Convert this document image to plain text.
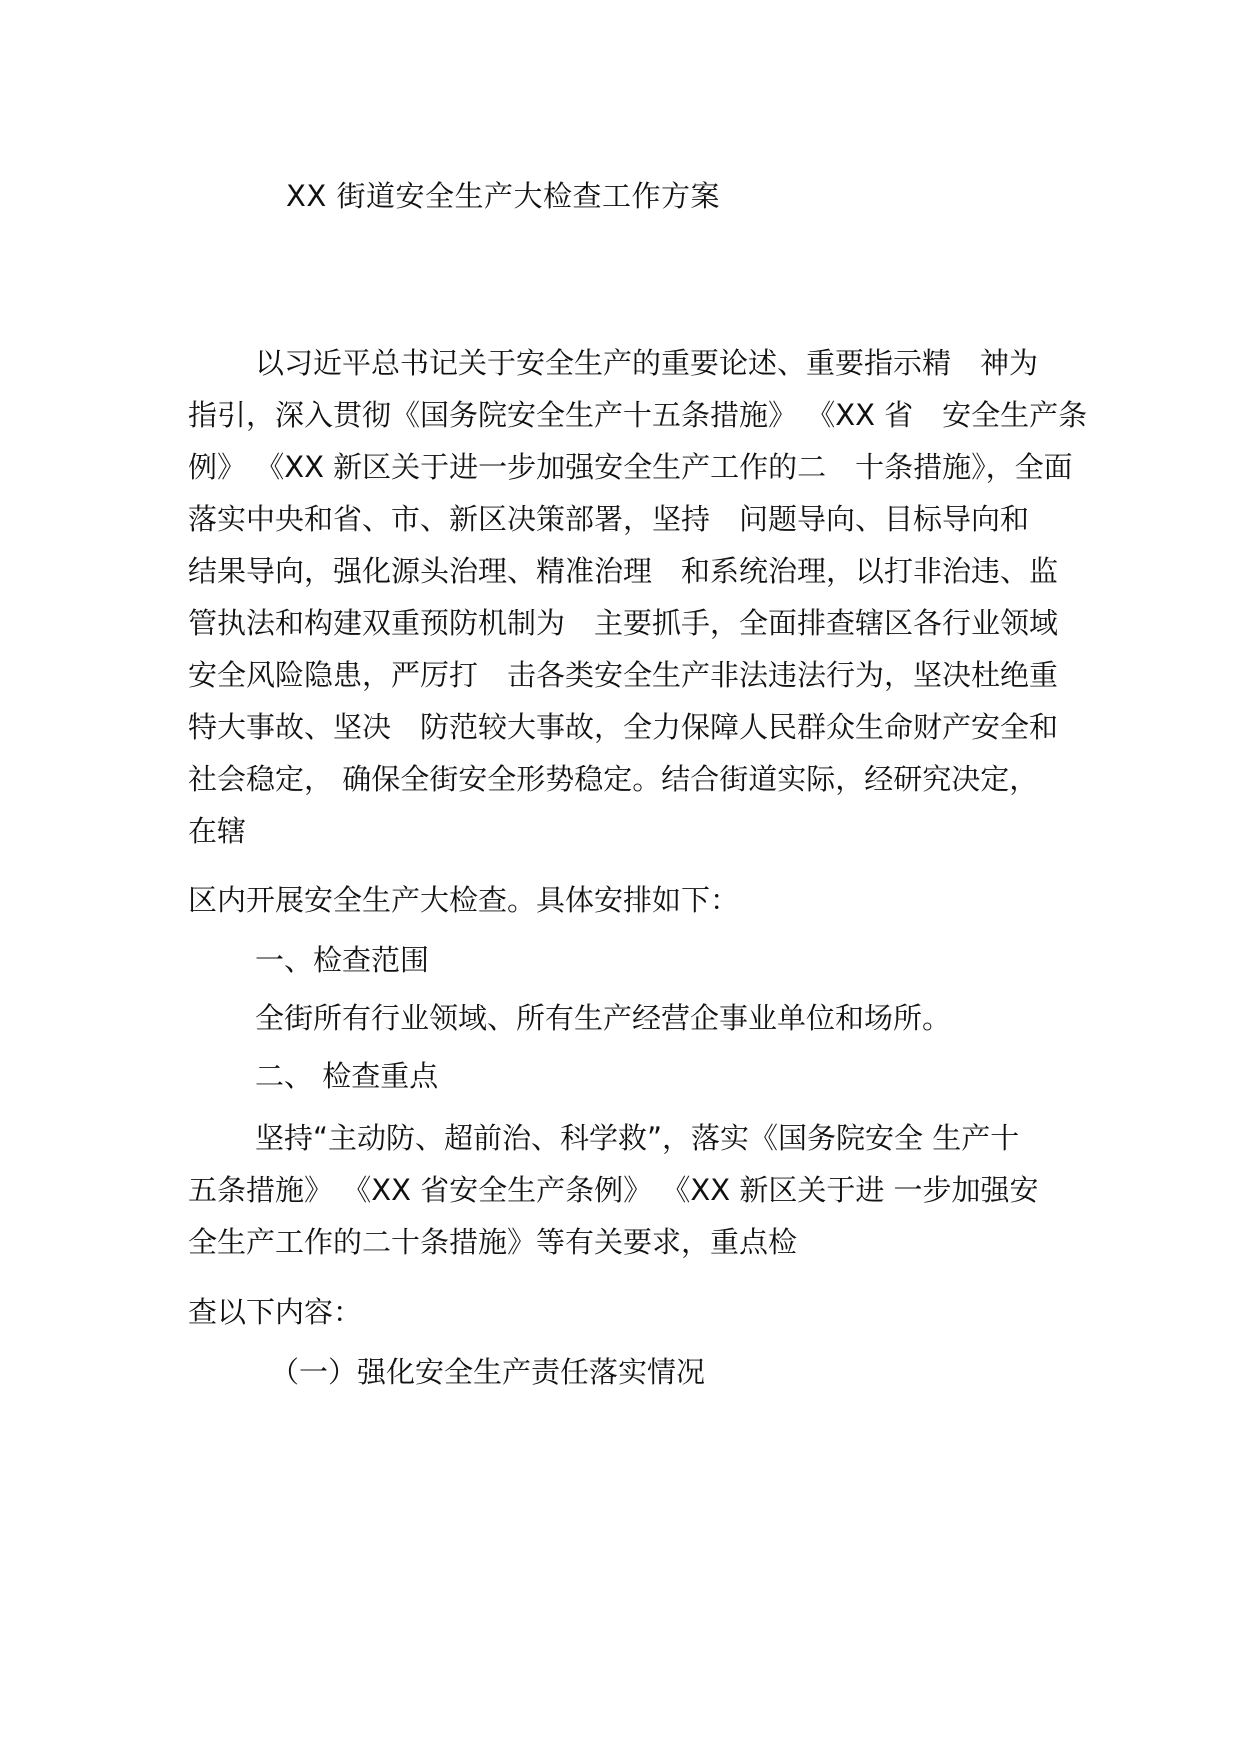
XX 街道安全生产大检查工作方案
以习近平总书记关于安全生产的重要论述、重要指示精　神为
指引，深入贯彻《国务院安全生产十五条措施》 《XX 省　安全生产条
例》 《XX 新区关于进一步加强安全生产工作的二　十条措施》，全面
落实中央和省、市、新区决策部署，坚持　问题导向、目标导向和
结果导向，强化源头治理、精准治理　和系统治理，以打非治违、监
管执法和构建双重预防机制为　主要抓手，全面排查辖区各行业领域
安全风险隐患，严厉打　击各类安全生产非法违法行为，坚决杜绝重
特大事故、坚决　防范较大事故，全力保障人民群众生命财产安全和
社会稳定， 确保全街安全形势稳定。结合街道实际，经研究决定，
在辖
区内开展安全生产大检查。具体安排如下：
一、检查范围
全街所有行业领域、所有生产经营企事业单位和场所。
二、 检查重点
坚持“主动防、超前治、科学救”，落实《国务院安全 生产十
五条措施》 《XX 省安全生产条例》 《XX 新区关于进 一步加强安
全生产工作的二十条措施》等有关要求，重点检
查以下内容：
（一）强化安全生产责任落实情况
